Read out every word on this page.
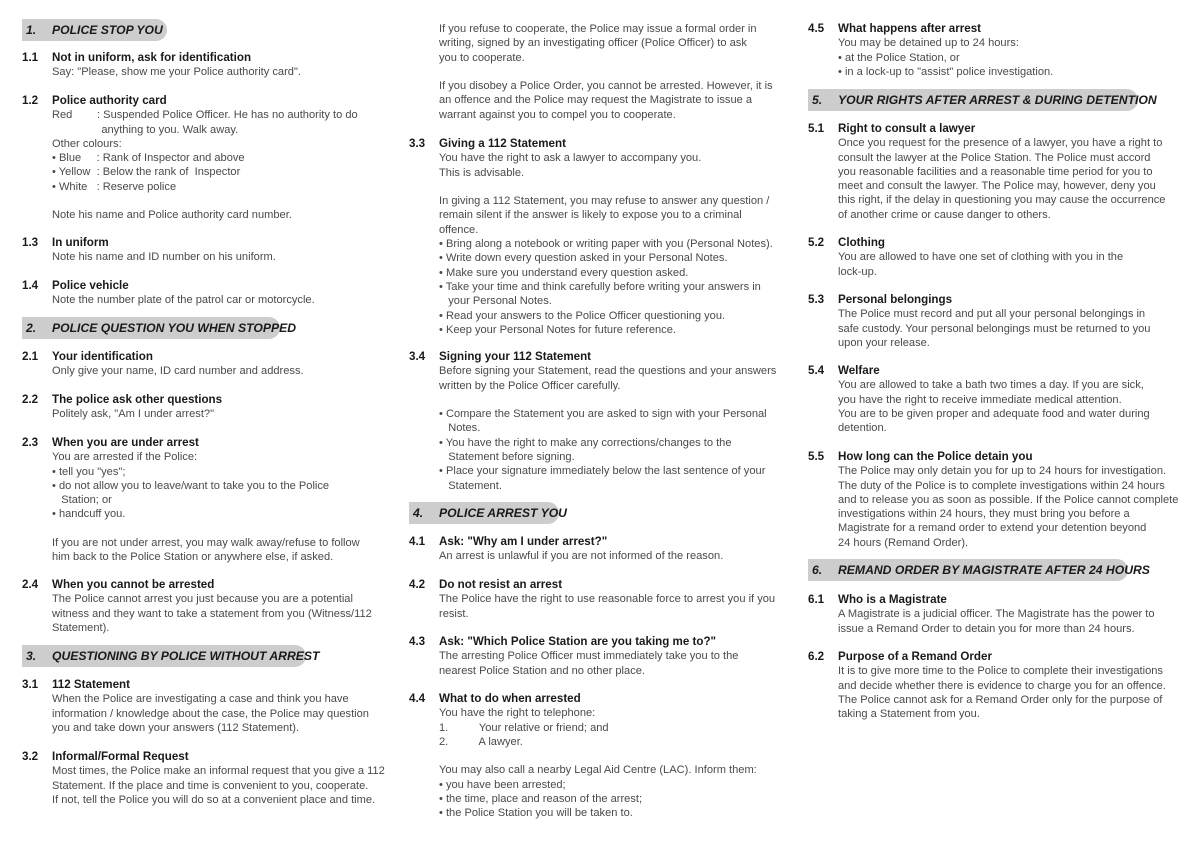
1. POLICE STOP YOU
1.1 Not in uniform, ask for identification
Say: "Please, show me your Police authority card".
1.2 Police authority card
Red        : Suspended Police Officer. He has no authority to do
anything to you. Walk away.
Other colours:
• Blue     : Rank of Inspector and above
• Yellow  : Below the rank of  Inspector
• White   : Reserve police
Note his name and Police authority card number.
1.3 In uniform
Note his name and ID number on his uniform.
1.4 Police vehicle
Note the number plate of the patrol car or motorcycle.
2. POLICE QUESTION YOU WHEN STOPPED
2.1 Your identification
Only give your name, ID card number and address.
2.2 The police ask other questions
Politely ask, "Am I under arrest?"
2.3 When you are under arrest
You are arrested if the Police:
• tell you "yes";
• do not allow you to leave/want to take you to the Police
Station; or
• handcuff you.
If you are not under arrest, you may walk away/refuse to follow
him back to the Police Station or anywhere else, if asked.
2.4 When you cannot be arrested
The Police cannot arrest you just because you are a potential
witness and they want to take a statement from you (Witness/112
Statement).
3. QUESTIONING BY POLICE WITHOUT ARREST
3.1 112 Statement
When the Police are investigating a case and think you have
information / knowledge about the case, the Police may question
you and take down your answers (112 Statement).
3.2 Informal/Formal Request
Most times, the Police make an informal request that you give a 112
Statement. If the place and time is convenient to you, cooperate.
If not, tell the Police you will do so at a convenient place and time.
If you refuse to cooperate, the Police may issue a formal order in
writing, signed by an investigating officer (Police Officer) to ask
you to cooperate.
If you disobey a Police Order, you cannot be arrested. However, it is
an offence and the Police may request the Magistrate to issue a
warrant against you to compel you to cooperate.
3.3 Giving a 112 Statement
You have the right to ask a lawyer to accompany you.
This is advisable.
In giving a 112 Statement, you may refuse to answer any question /
remain silent if the answer is likely to expose you to a criminal
offence.
• Bring along a notebook or writing paper with you (Personal Notes).
• Write down every question asked in your Personal Notes.
• Make sure you understand every question asked.
• Take your time and think carefully before writing your answers in
your Personal Notes.
• Read your answers to the Police Officer questioning you.
• Keep your Personal Notes for future reference.
3.4 Signing your 112 Statement
Before signing your Statement, read the questions and your answers
written by the Police Officer carefully.
• Compare the Statement you are asked to sign with your Personal
Notes.
• You have the right to make any corrections/changes to the
Statement before signing.
• Place your signature immediately below the last sentence of your
Statement.
4. POLICE ARREST YOU
4.1 Ask: "Why am I under arrest?"
An arrest is unlawful if you are not informed of the reason.
4.2 Do not resist an arrest
The Police have the right to use reasonable force to arrest you if you
resist.
4.3 Ask: "Which Police Station are you taking me to?"
The arresting Police Officer must immediately take you to the
nearest Police Station and no other place.
4.4 What to do when arrested
You have the right to telephone:
1.          Your relative or friend; and
2.          A lawyer.
You may also call a nearby Legal Aid Centre (LAC). Inform them:
• you have been arrested;
• the time, place and reason of the arrest;
• the Police Station you will be taken to.
4.5 What happens after arrest
You may be detained up to 24 hours:
• at the Police Station, or
• in a lock-up to "assist" police investigation.
5. YOUR RIGHTS AFTER ARREST & DURING DETENTION
5.1 Right to consult a lawyer
Once you request for the presence of a lawyer, you have a right to
consult the lawyer at the Police Station. The Police must accord
you reasonable facilities and a reasonable time period for you to
meet and consult the lawyer. The Police may, however, deny you
this right, if the delay in questioning you may cause the occurrence
of another crime or cause danger to others.
5.2 Clothing
You are allowed to have one set of clothing with you in the
lock-up.
5.3 Personal belongings
The Police must record and put all your personal belongings in
safe custody. Your personal belongings must be returned to you
upon your release.
5.4 Welfare
You are allowed to take a bath two times a day. If you are sick,
you have the right to receive immediate medical attention.
You are to be given proper and adequate food and water during
detention.
5.5 How long can the Police detain you
The Police may only detain you for up to 24 hours for investigation.
The duty of the Police is to complete investigations within 24 hours
and to release you as soon as possible. If the Police cannot complete
investigations within 24 hours, they must bring you before a
Magistrate for a remand order to extend your detention beyond
24 hours (Remand Order).
6. REMAND ORDER BY MAGISTRATE AFTER 24 HOURS
6.1 Who is a Magistrate
A Magistrate is a judicial officer. The Magistrate has the power to
issue a Remand Order to detain you for more than 24 hours.
6.2 Purpose of a Remand Order
It is to give more time to the Police to complete their investigations
and decide whether there is evidence to charge you for an offence.
The Police cannot ask for a Remand Order only for the purpose of
taking a Statement from you.
